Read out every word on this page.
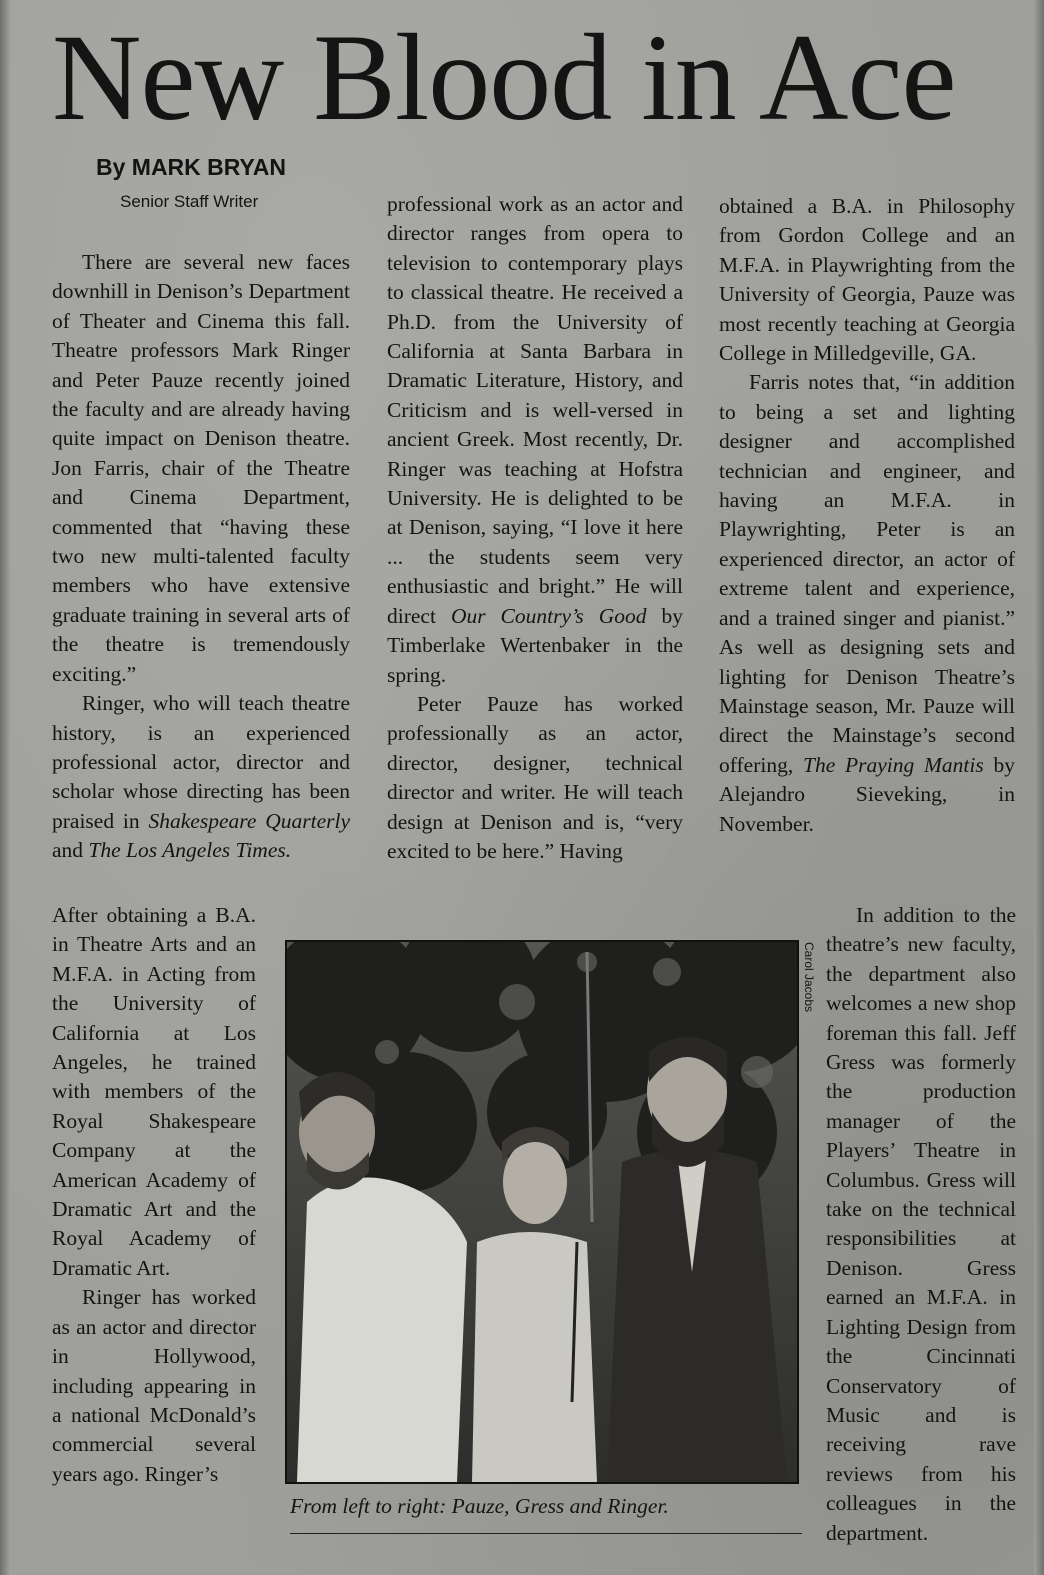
New Blood in Ace
By MARK BRYAN
Senior Staff Writer

There are several new faces downhill in Denison’s Department of Theater and Cinema this fall. Theatre professors Mark Ringer and Peter Pauze recently joined the faculty and are already having quite impact on Denison theatre. Jon Farris, chair of the Theatre and Cinema Department, commented that “having these two new multi-talented faculty members who have extensive graduate training in several arts of the theatre is tremendously exciting.”

Ringer, who will teach theatre history, is an experienced professional actor, director and scholar whose directing has been praised in Shakespeare Quarterly and The Los Angeles Times.

After obtaining a B.A. in Theatre Arts and an M.F.A. in Acting from the University of California at Los Angeles, he trained with members of the Royal Shakespeare Company at the American Academy of Dramatic Art and the Royal Academy of Dramatic Art.

Ringer has worked as an actor and director in Hollywood, including appearing in a national McDonald’s commercial several years ago. Ringer’s

professional work as an actor and director ranges from opera to television to contemporary plays to classical theatre. He received a Ph.D. from the University of California at Santa Barbara in Dramatic Literature, History, and Criticism and is well-versed in ancient Greek. Most recently, Dr. Ringer was teaching at Hofstra University. He is delighted to be at Denison, saying, “I love it here ... the students seem very enthusiastic and bright.” He will direct Our Country’s Good by Timberlake Wertenbaker in the spring.

Peter Pauze has worked professionally as an actor, director, designer, technical director and writer. He will teach design at Denison and is, “very excited to be here.” Having

obtained a B.A. in Philosophy from Gordon College and an M.F.A. in Playwrighting from the University of Georgia, Pauze was most recently teaching at Georgia College in Milledgeville, GA.

Farris notes that, “in addition to being a set and lighting designer and accomplished technician and engineer, and having an M.F.A. in Playwrighting, Peter is an experienced director, an actor of extreme talent and experience, and a trained singer and pianist.” As well as designing sets and lighting for Denison Theatre’s Mainstage season, Mr. Pauze will direct the Mainstage’s second offering, The Praying Mantis by Alejandro Sieveking, in November.

In addition to the theatre’s new faculty, the department also welcomes a new shop foreman this fall. Jeff Gress was formerly the production manager of the Players’ Theatre in Columbus. Gress will take on the technical responsibilities at Denison. Gress earned an M.F.A. in Lighting Design from the Cincinnati Conservatory of Music and is receiving rave reviews from his colleagues in the department.

Carol Jacobs
From left to right: Pauze, Gress and Ringer.
